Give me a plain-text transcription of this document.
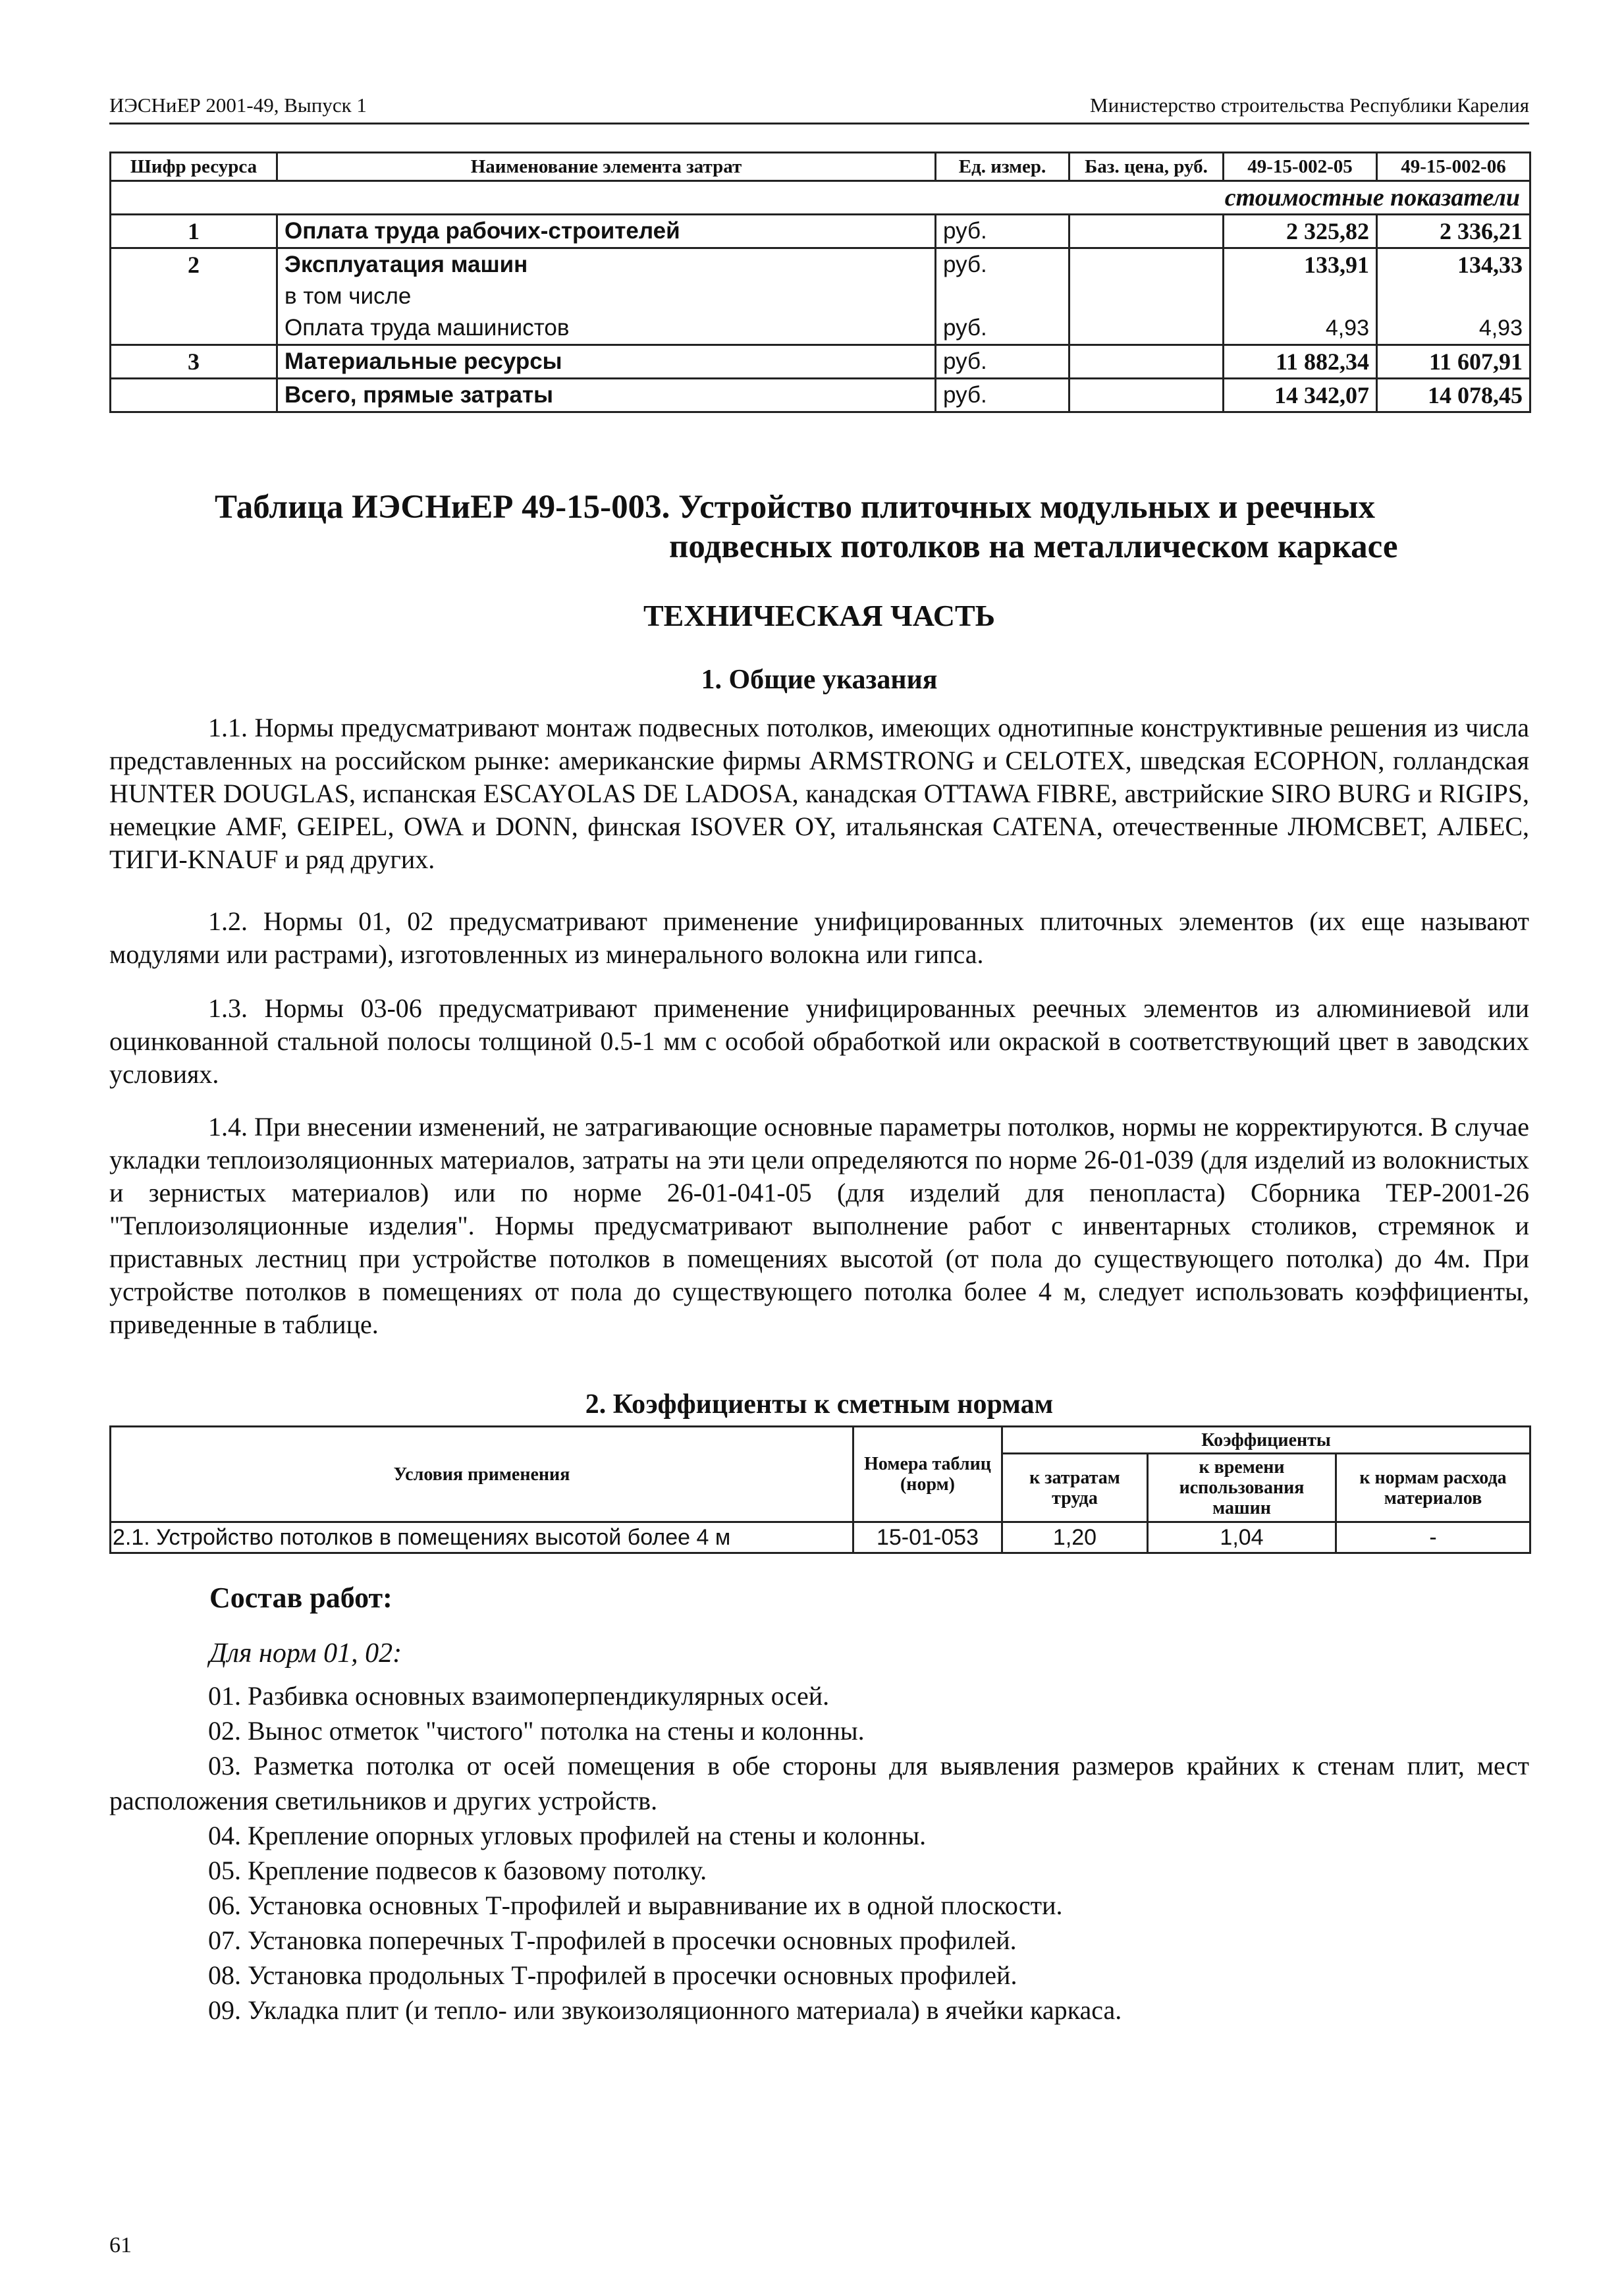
ИЭСНиЕР 2001-49, Выпуск 1	Министерство строительства Республики Карелия
Шифр ресурса	Наименование элемента затрат	Ед. измер.	Баз. цена, руб.	49-15-002-05	49-15-002-06
стоимостные показатели					
1	Оплата труда рабочих-строителей	руб.		2 325,82	2 336,21
2	Эксплуатация машин	руб.		133,91	134,33
	в том числе				
	Оплата труда машинистов	руб.		4,93	4,93
3	Материальные ресурсы	руб.		11 882,34	11 607,91
	Всего, прямые затраты	руб.		14 342,07	14 078,45
Таблица ИЭСНиЕР 49-15-003. Устройство плиточных модульных и реечных
подвесных потолков на металлическом каркасе
ТЕХНИЧЕСКАЯ ЧАСТЬ
1. Общие указания

1.1. Нормы предусматривают монтаж подвесных потолков, имеющих однотипные конструктивные решения из числа представленных на российском рынке: американские фирмы ARMSTRONG и CELOTEX, шведская ECOPHON, голландская HUNTER DOUGLAS, испанская ESCAYOLAS DE LADOSA, канадская OTTAWA FIBRE, австрийские SIRO BURG и RIGIPS, немецкие AMF, GEIPEL, OWA и DONN, финская ISOVER OY, итальянская CATENA, отечественные ЛЮМСВЕТ, АЛБЕС, ТИГИ-KNAUF и ряд других.

1.2. Нормы 01, 02 предусматривают применение унифицированных плиточных элементов (их еще называют модулями или растрами), изготовленных из минерального волокна или гипса.

1.3. Нормы 03-06 предусматривают применение унифицированных реечных элементов из алюминиевой или оцинкованной стальной полосы толщиной 0.5-1 мм с особой обработкой или окраской в соответствующий цвет в заводских условиях.

1.4. При внесении изменений, не затрагивающие основные параметры потолков, нормы не корректируются. В случае укладки теплоизоляционных материалов, затраты на эти цели определяются по норме 26-01-039 (для изделий из волокнистых и зернистых материалов) или по норме 26-01-041-05 (для изделий для пенопласта) Сборника ТЕР-2001-26 "Теплоизоляционные изделия". Нормы предусматривают выполнение работ с инвентарных столиков, стремянок и приставных лестниц при устройстве потолков в помещениях высотой (от пола до существующего потолка) до 4м. При устройстве потолков в помещениях от пола до существующего потолка более 4 м, следует использовать коэффициенты, приведенные в таблице.

2. Коэффициенты к сметным нормам
Условия применения	Номера таблиц (норм)	Коэффициенты		
		к затратам труда	к времени использования машин	к нормам расхода материалов
2.1. Устройство потолков в помещениях высотой более 4 м	15-01-053	1,20	1,04	-
Состав работ:
Для норм 01, 02:

01. Разбивка основных взаимоперпендикулярных осей.

02. Вынос отметок "чистого" потолка на стены и колонны.

03. Разметка потолка от осей помещения в обе стороны для выявления размеров крайних к стенам плит, мест расположения светильников и других устройств.

04. Крепление опорных угловых профилей на стены и колонны.

05. Крепление подвесов к базовому потолку.

06. Установка основных Т-профилей и выравнивание их в одной плоскости.

07. Установка поперечных Т-профилей в просечки основных профилей.

08. Установка продольных Т-профилей в просечки основных профилей.

09. Укладка плит (и тепло- или звукоизоляционного материала) в ячейки каркаса.

61
